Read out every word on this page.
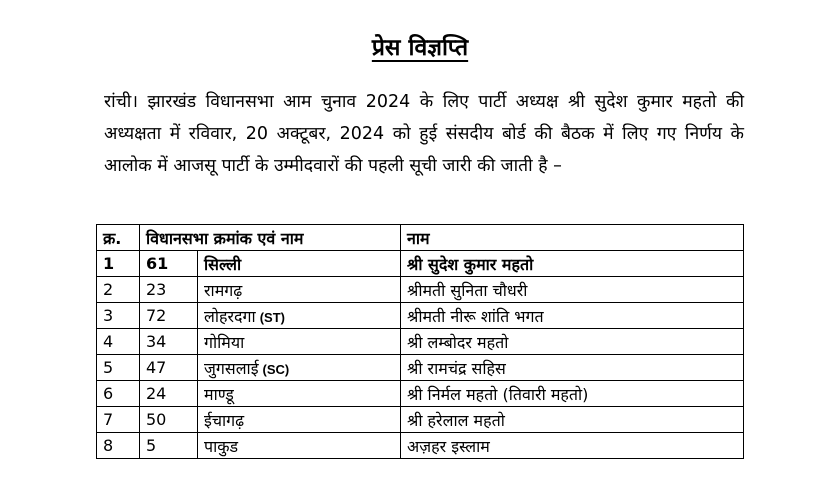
प्रेस विज्ञप्ति

रांची। झारखंड विधानसभा आम चुनाव 2024 के लिए पार्टी अध्यक्ष श्री सुदेश कुमार महतो की अध्यक्षता में रविवार, 20 अक्टूबर, 2024 को हुई संसदीय बोर्ड की बैठक में लिए गए निर्णय के आलोक में आजसू पार्टी के उम्मीदवारों की पहली सूची जारी की जाती है –

क्र.	विधानसभा क्रमांक एवं नाम		नाम
1	61	सिल्ली	श्री सुदेश कुमार महतो
2	23	रामगढ़	श्रीमती सुनिता चौधरी
3	72	लोहरदगा (ST)	श्रीमती नीरू शांति भगत
4	34	गोमिया	श्री लम्बोदर महतो
5	47	जुगसलाई (SC)	श्री रामचंद्र सहिस
6	24	माण्डू	श्री निर्मल महतो (तिवारी महतो)
7	50	ईचागढ़	श्री हरेलाल महतो
8	5	पाकुड	अज़हर इस्लाम
